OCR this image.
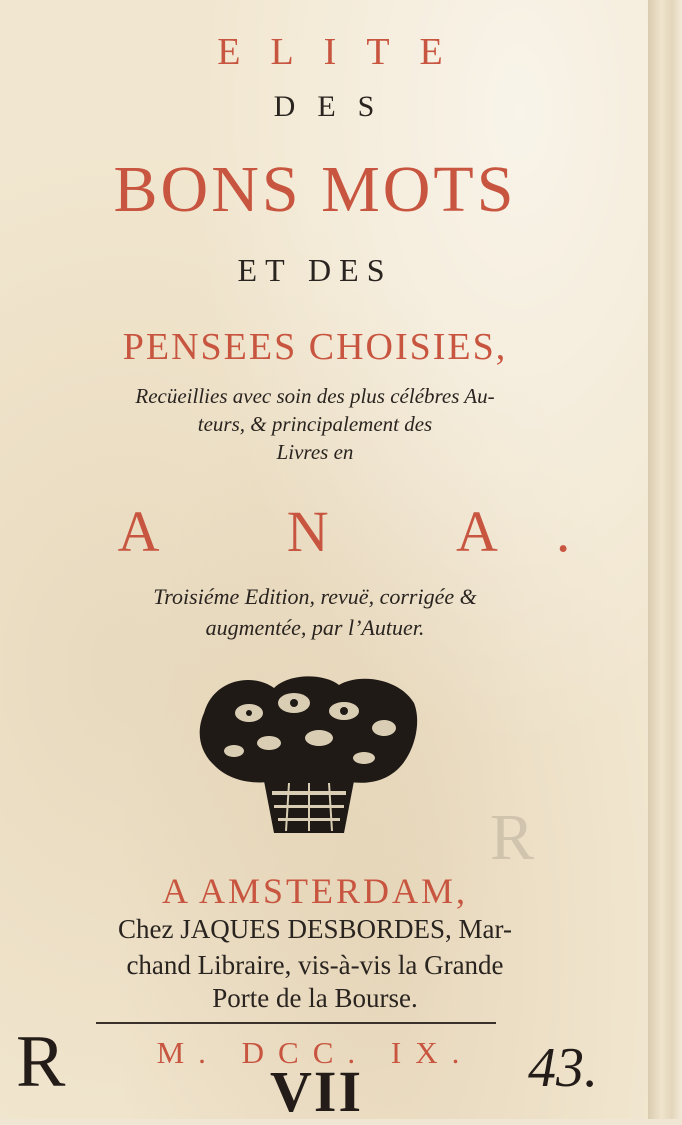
ELITE
DES
BONS MOTS
ET DES
PENSEES CHOISIES,
Recüeillies avec soin des plus célébres Au-
teurs, & principalement des
Livres en
A N A.
Troisiéme Edition, revuë, corrigée &
augmentée, par l’Autuer.
A AMSTERDAM,
Chez JAQUES DESBORDES, Mar-
chand Libraire, vis-à-vis la Grande
Porte de la Bourse.
M. DCC. IX.
R
R	VII	43.
